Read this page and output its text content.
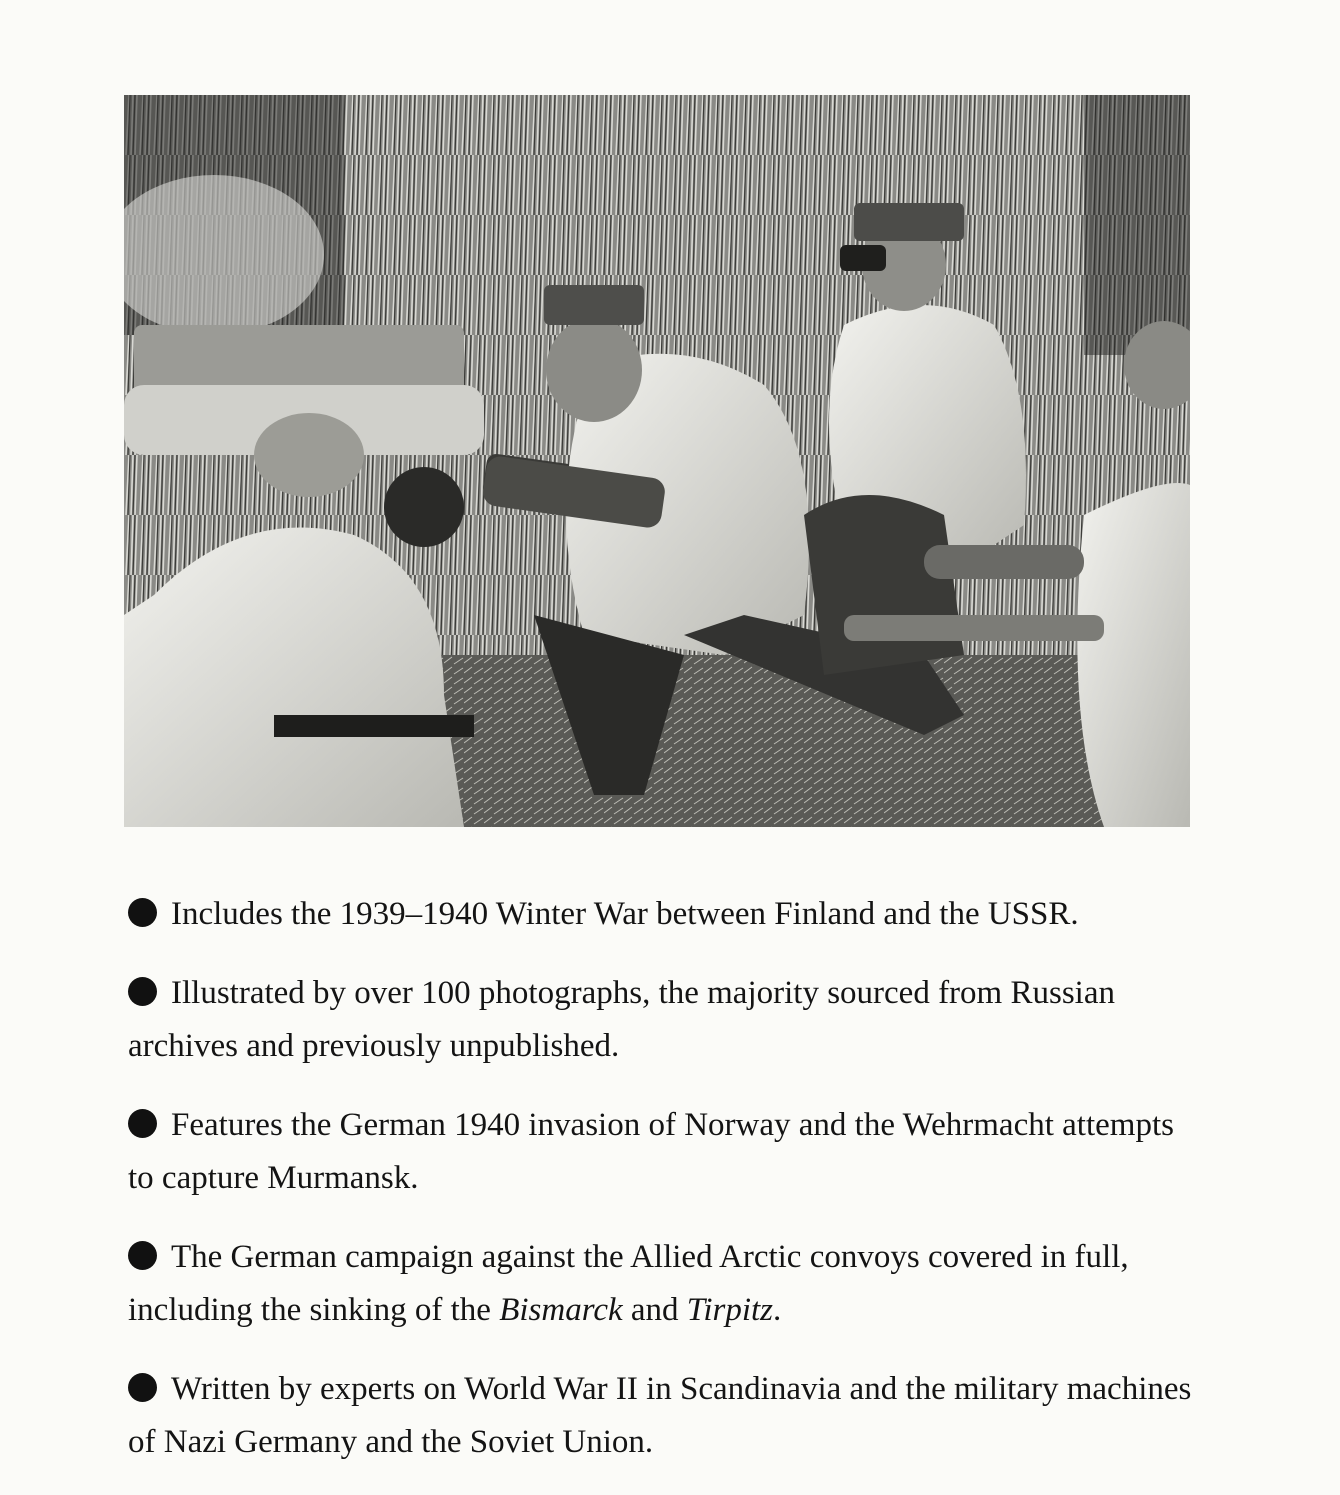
Includes the 1939–1940 Winter War between Finland and the USSR.
Illustrated by over 100 photographs, the majority sourced from Russian archives and previously unpublished.
Features the German 1940 invasion of Norway and the Wehrmacht attempts to capture Murmansk.
The German campaign against the Allied Arctic convoys covered in full, including the sinking of the Bismarck and Tirpitz.
Written by experts on World War II in Scandinavia and the military machines of Nazi Germany and the Soviet Union.
